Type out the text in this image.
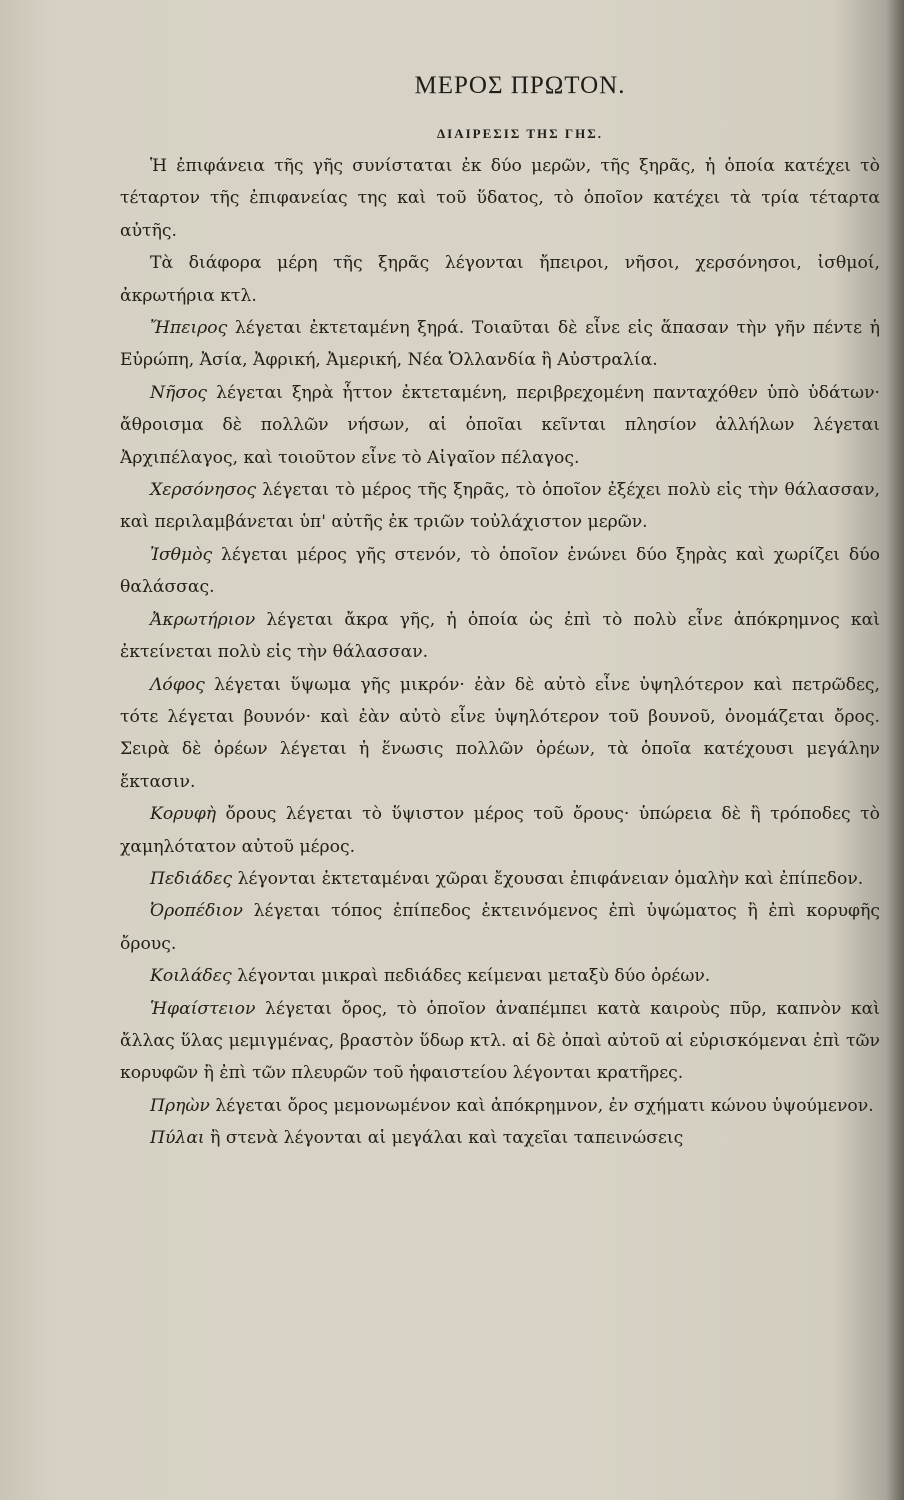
ΜΕΡΟΣ ΠΡΩΤΟΝ.
ΔΙΑΙΡΕΣΙΣ ΤΗΣ ΓΗΣ.

Ἡ ἐπιφάνεια τῆς γῆς συνίσταται ἐκ δύο μερῶν, τῆς ξηρᾶς, ἡ ὁποία κατέχει τὸ τέταρτον τῆς ἐπιφανείας της καὶ τοῦ ὕδατος, τὸ ὁποῖον κατέχει τὰ τρία τέταρτα αὐτῆς.

Τὰ διάφορα μέρη τῆς ξηρᾶς λέγονται ἤπειροι, νῆσοι, χερσόνησοι, ἰσθμοί, ἀκρωτήρια κτλ.

Ἤπειρος λέγεται ἐκτεταμένη ξηρά. Τοιαῦται δὲ εἶνε εἰς ἅπασαν τὴν γῆν πέντε ἡ Εὐρώπη, Ἀσία, Ἀφρική, Ἀμερική, Νέα Ὁλλανδία ἢ Αὐστραλία.

Νῆσος λέγεται ξηρὰ ἧττον ἐκτεταμένη, περιβρεχομένη πανταχόθεν ὑπὸ ὑδάτων· ἄθροισμα δὲ πολλῶν νήσων, αἱ ὁποῖαι κεῖνται πλησίον ἀλλήλων λέγεται Ἀρχιπέλαγος, καὶ τοιοῦτον εἶνε τὸ Αἰγαῖον πέλαγος.

Χερσόνησος λέγεται τὸ μέρος τῆς ξηρᾶς, τὸ ὁποῖον ἐξέχει πολὺ εἰς τὴν θάλασσαν, καὶ περιλαμβάνεται ὑπ' αὐτῆς ἐκ τριῶν τοὐλάχιστον μερῶν.

Ἰσθμὸς λέγεται μέρος γῆς στενόν, τὸ ὁποῖον ἑνώνει δύο ξηρὰς καὶ χωρίζει δύο θαλάσσας.

Ἀκρωτήριον λέγεται ἄκρα γῆς, ἡ ὁποία ὡς ἐπὶ τὸ πολὺ εἶνε ἀπόκρημνος καὶ ἐκτείνεται πολὺ εἰς τὴν θάλασσαν.

Λόφος λέγεται ὕψωμα γῆς μικρόν· ἐὰν δὲ αὐτὸ εἶνε ὑψηλότερον καὶ πετρῶδες, τότε λέγεται βουνόν· καὶ ἐὰν αὐτὸ εἶνε ὑψηλότερον τοῦ βουνοῦ, ὀνομάζεται ὄρος. Σειρὰ δὲ ὀρέων λέγεται ἡ ἕνωσις πολλῶν ὀρέων, τὰ ὁποῖα κατέχουσι μεγάλην ἔκτασιν.

Κορυφὴ ὄρους λέγεται τὸ ὕψιστον μέρος τοῦ ὄρους· ὑπώρεια δὲ ἢ τρόποδες τὸ χαμηλότατον αὐτοῦ μέρος.

Πεδιάδες λέγονται ἐκτεταμέναι χῶραι ἔχουσαι ἐπιφάνειαν ὁμαλὴν καὶ ἐπίπεδον.

Ὀροπέδιον λέγεται τόπος ἐπίπεδος ἐκτεινόμενος ἐπὶ ὑψώματος ἢ ἐπὶ κορυφῆς ὄρους.

Κοιλάδες λέγονται μικραὶ πεδιάδες κείμεναι μεταξὺ δύο ὀρέων.

Ἡφαίστειον λέγεται ὄρος, τὸ ὁποῖον ἀναπέμπει κατὰ καιροὺς πῦρ, καπνὸν καὶ ἄλλας ὕλας μεμιγμένας, βραστὸν ὕδωρ κτλ. αἱ δὲ ὀπαὶ αὐτοῦ αἱ εὑρισκόμεναι ἐπὶ τῶν κορυφῶν ἢ ἐπὶ τῶν πλευρῶν τοῦ ἡφαιστείου λέγονται κρατῆρες.

Πρηὼν λέγεται ὄρος μεμονωμένον καὶ ἀπόκρημνον, ἐν σχήματι κώνου ὑψούμενον.

Πύλαι ἢ στενὰ λέγονται αἱ μεγάλαι καὶ ταχεῖαι ταπεινώσεις
